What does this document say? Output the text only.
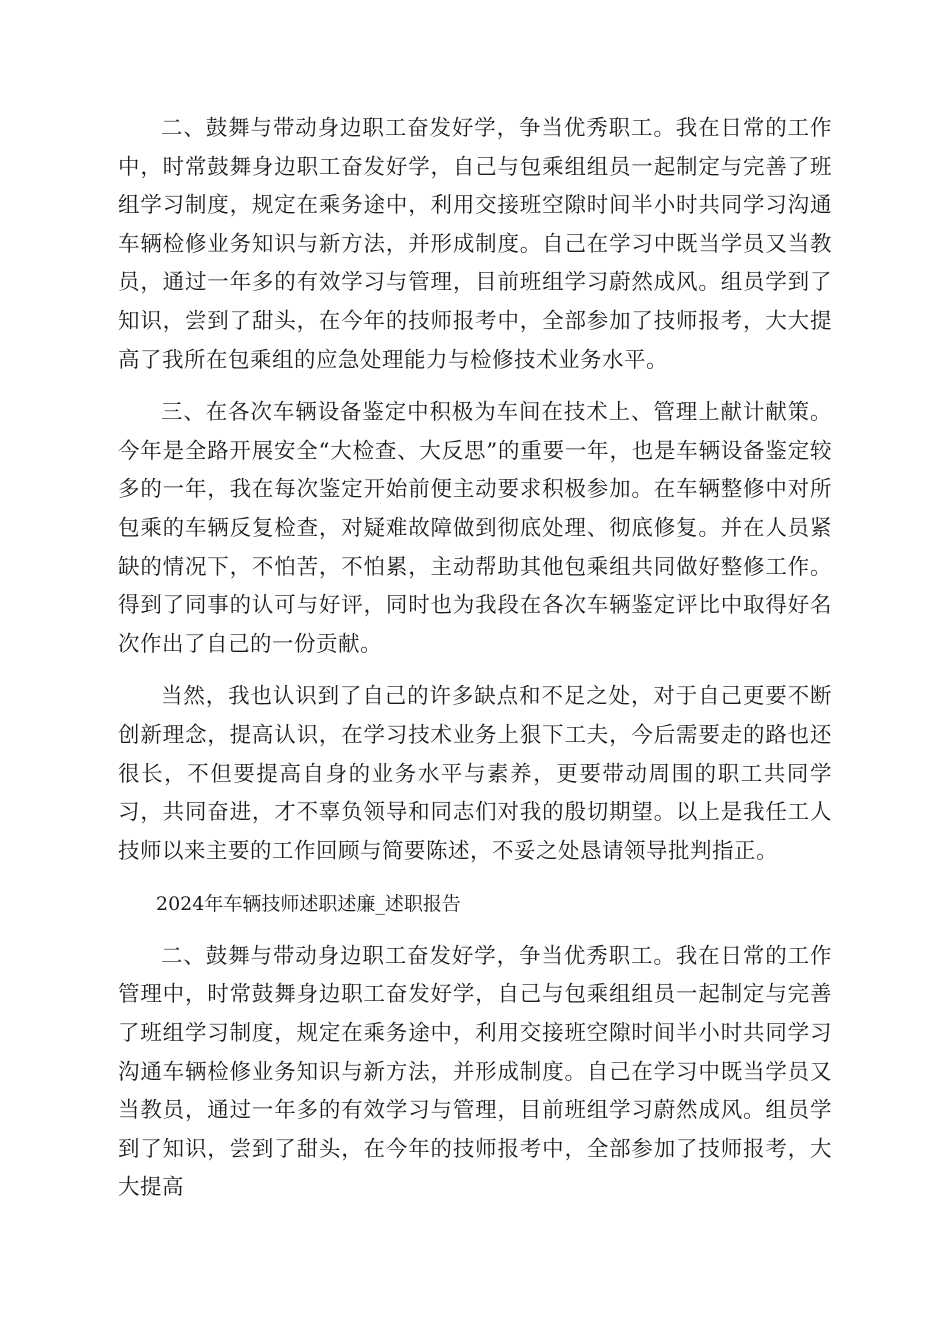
二、鼓舞与带动身边职工奋发好学，争当优秀职工。我在日常的工作中，时常鼓舞身边职工奋发好学，自己与包乘组组员一起制定与完善了班组学习制度，规定在乘务途中，利用交接班空隙时间半小时共同学习沟通车辆检修业务知识与新方法，并形成制度。自己在学习中既当学员又当教员，通过一年多的有效学习与管理，目前班组学习蔚然成风。组员学到了知识，尝到了甜头，在今年的技师报考中，全部参加了技师报考，大大提高了我所在包乘组的应急处理能力与检修技术业务水平。

三、在各次车辆设备鉴定中积极为车间在技术上、管理上献计献策。今年是全路开展安全“大检查、大反思”的重要一年，也是车辆设备鉴定较多的一年，我在每次鉴定开始前便主动要求积极参加。在车辆整修中对所包乘的车辆反复检查，对疑难故障做到彻底处理、彻底修复。并在人员紧缺的情况下，不怕苦，不怕累，主动帮助其他包乘组共同做好整修工作。得到了同事的认可与好评，同时也为我段在各次车辆鉴定评比中取得好名次作出了自己的一份贡献。

当然，我也认识到了自己的许多缺点和不足之处，对于自己更要不断创新理念，提高认识，在学习技术业务上狠下工夫，今后需要走的路也还很长，不但要提高自身的业务水平与素养，更要带动周围的职工共同学习，共同奋进，才不辜负领导和同志们对我的殷切期望。以上是我任工人技师以来主要的工作回顾与简要陈述，不妥之处恳请领导批判指正。

2024年车辆技师述职述廉_述职报告

二、鼓舞与带动身边职工奋发好学，争当优秀职工。我在日常的工作管理中，时常鼓舞身边职工奋发好学，自己与包乘组组员一起制定与完善了班组学习制度，规定在乘务途中，利用交接班空隙时间半小时共同学习沟通车辆检修业务知识与新方法，并形成制度。自己在学习中既当学员又当教员，通过一年多的有效学习与管理，目前班组学习蔚然成风。组员学到了知识，尝到了甜头，在今年的技师报考中，全部参加了技师报考，大大提高
